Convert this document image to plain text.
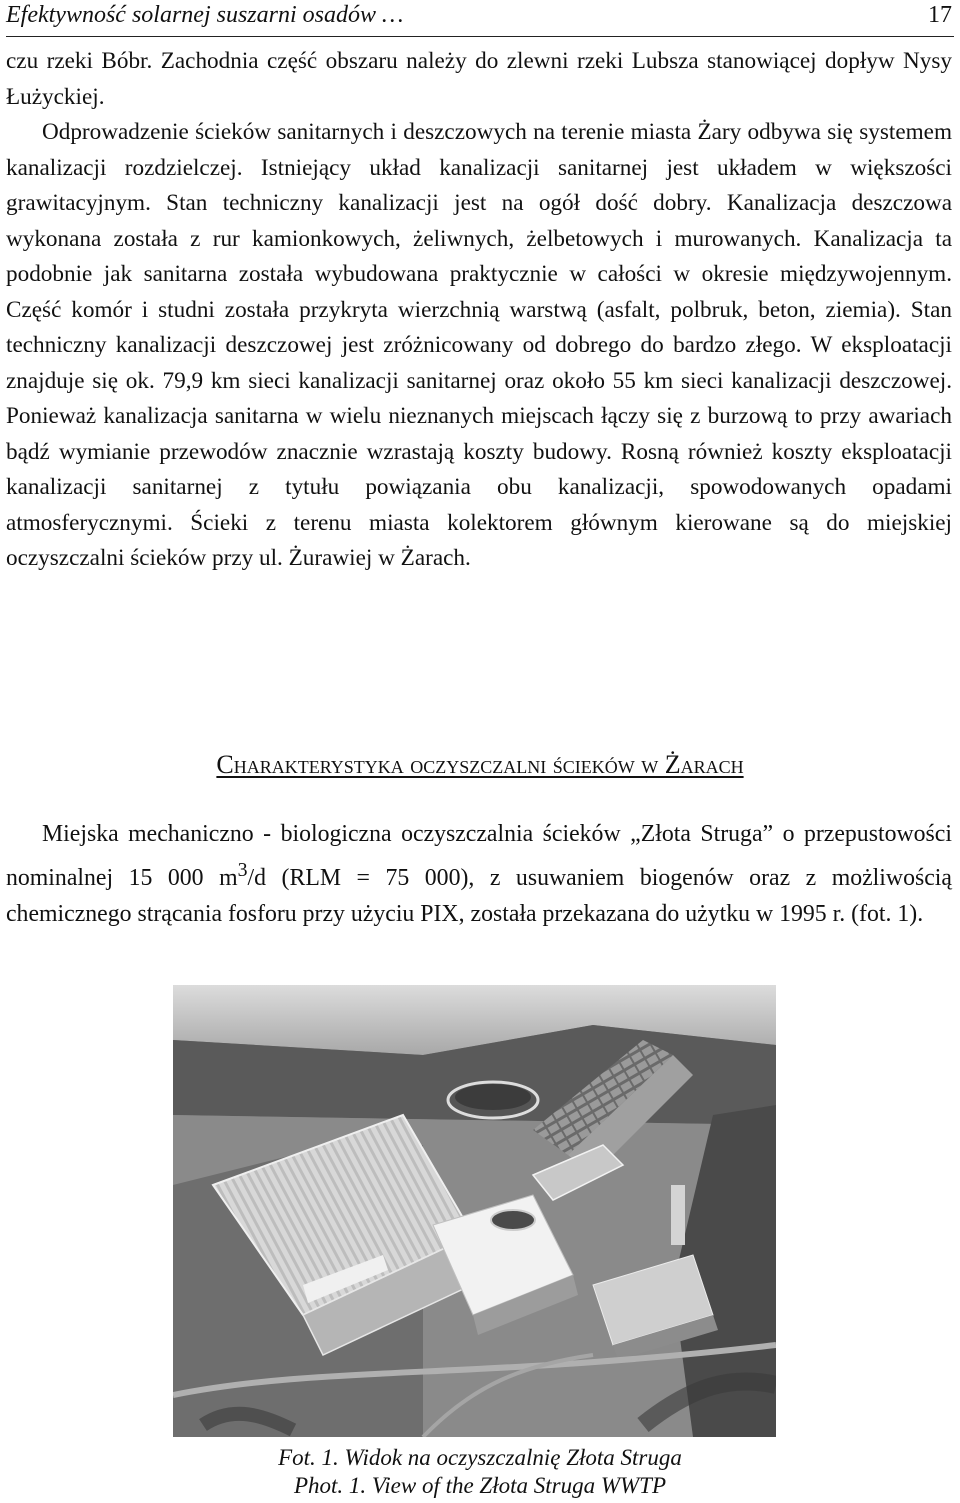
Efektywność solarnej suszarni osadów …	17

czu rzeki Bóbr. Zachodnia część obszaru należy do zlewni rzeki Lubsza stanowiącej dopływ Nysy Łużyckiej.

Odprowadzenie ścieków sanitarnych i deszczowych na terenie miasta Żary odbywa się systemem kanalizacji rozdzielczej. Istniejący układ kanalizacji sanitarnej jest układem w większości grawitacyjnym. Stan techniczny kanalizacji jest na ogół dość dobry. Kanalizacja deszczowa wykonana została z rur kamionkowych, żeliwnych, żelbetowych i murowanych. Kanalizacja ta podobnie jak sanitarna została wybudowana praktycznie w całości w okresie międzywojennym. Część komór i studni została przykryta wierzchnią warstwą (asfalt, polbruk, beton, ziemia). Stan techniczny kanalizacji deszczowej jest zróżnicowany od dobrego do bardzo złego. W eksploatacji znajduje się ok. 79,9 km sieci kanalizacji sanitarnej oraz około 55 km sieci kanalizacji deszczowej. Ponieważ kanalizacja sanitarna w wielu nieznanych miejscach łączy się z burzową to przy awariach bądź wymianie przewodów znacznie wzrastają koszty budowy. Rosną również koszty eksploatacji kanalizacji sanitarnej z tytułu powiązania obu kanalizacji, spowodowanych opadami atmosferycznymi. Ścieki z terenu miasta kolektorem głównym kierowane są do miejskiej oczyszczalni ścieków przy ul. Żurawiej w Żarach.

Charakterystyka oczyszczalni ścieków w Żarach

Miejska mechaniczno - biologiczna oczyszczalnia ścieków „Złota Struga” o przepustowości nominalnej 15 000 $m^3/d$ (RLM = 75 000), z usuwaniem biogenów oraz z możliwością chemicznego strącania fosforu przy użyciu PIX, została przekazana do użytku w 1995 r. (fot. 1).

Fot. 1. Widok na oczyszczalnię Złota Struga
Phot. 1. View of the Złota Struga WWTP
